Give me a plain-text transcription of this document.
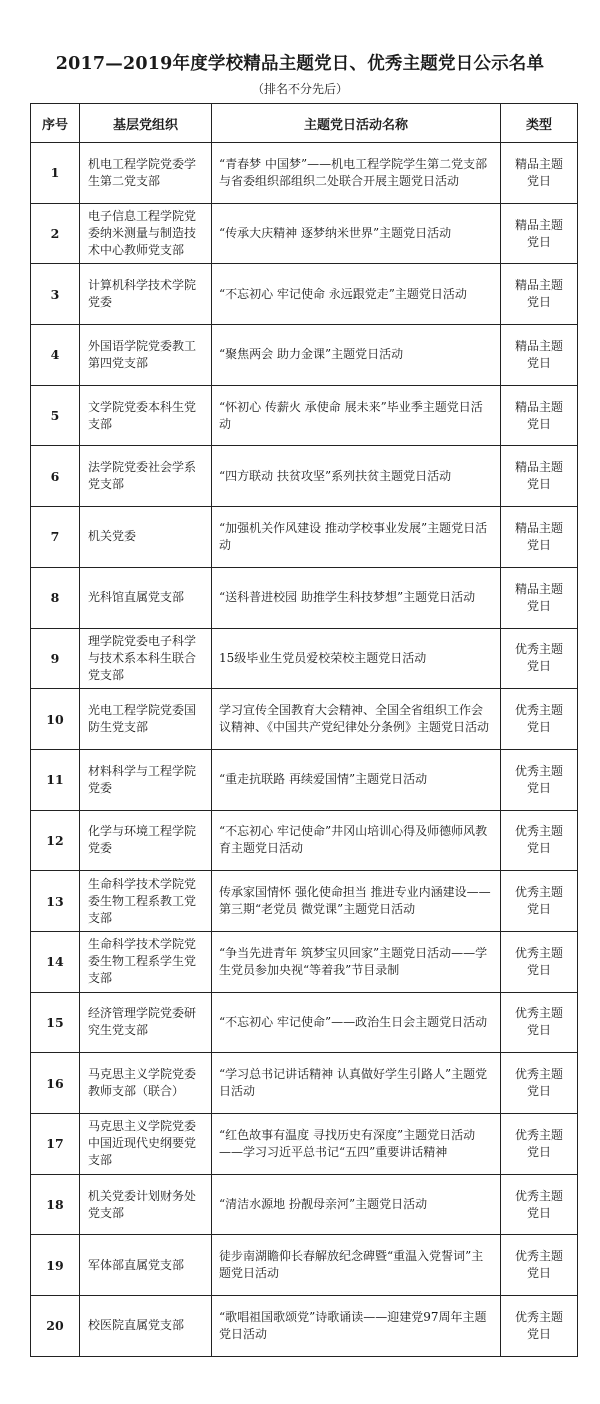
2017—2019年度学校精品主题党日、优秀主题党日公示名单
（排名不分先后）
序号	基层党组织	主题党日活动名称	类型
1	机电工程学院党委学生第二党支部	“青春梦 中国梦”——机电工程学院学生第二党支部与省委组织部组织二处联合开展主题党日活动	精品主题党日
2	电子信息工程学院党委纳米测量与制造技术中心教师党支部	“传承大庆精神 逐梦纳米世界”主题党日活动	精品主题党日
3	计算机科学技术学院党委	“不忘初心 牢记使命 永远跟党走”主题党日活动	精品主题党日
4	外国语学院党委教工第四党支部	“聚焦两会 助力金课”主题党日活动	精品主题党日
5	文学院党委本科生党支部	“怀初心 传薪火 承使命 展未来”毕业季主题党日活动	精品主题党日
6	法学院党委社会学系党支部	“四方联动 扶贫攻坚”系列扶贫主题党日活动	精品主题党日
7	机关党委	“加强机关作风建设 推动学校事业发展”主题党日活动	精品主题党日
8	光科馆直属党支部	“送科普进校园 助推学生科技梦想”主题党日活动	精品主题党日
9	理学院党委电子科学与技术系本科生联合党支部	15级毕业生党员爱校荣校主题党日活动	优秀主题党日
10	光电工程学院党委国防生党支部	学习宣传全国教育大会精神、全国全省组织工作会议精神、《中国共产党纪律处分条例》主题党日活动	优秀主题党日
11	材料科学与工程学院党委	“重走抗联路 再续爱国情”主题党日活动	优秀主题党日
12	化学与环境工程学院党委	“不忘初心 牢记使命”井冈山培训心得及师德师风教育主题党日活动	优秀主题党日
13	生命科学技术学院党委生物工程系教工党支部	传承家国情怀 强化使命担当 推进专业内涵建设——第三期“老党员 微党课”主题党日活动	优秀主题党日
14	生命科学技术学院党委生物工程系学生党支部	“争当先进青年 筑梦宝贝回家”主题党日活动——学生党员参加央视“等着我”节目录制	优秀主题党日
15	经济管理学院党委研究生党支部	“不忘初心 牢记使命”——政治生日会主题党日活动	优秀主题党日
16	马克思主义学院党委教师支部（联合）	“学习总书记讲话精神 认真做好学生引路人”主题党日活动	优秀主题党日
17	马克思主义学院党委中国近现代史纲要党支部	“红色故事有温度 寻找历史有深度”主题党日活动——学习习近平总书记“五四”重要讲话精神	优秀主题党日
18	机关党委计划财务处党支部	“清洁水源地 扮靓母亲河”主题党日活动	优秀主题党日
19	军体部直属党支部	徒步南湖瞻仰长春解放纪念碑暨“重温入党誓词”主题党日活动	优秀主题党日
20	校医院直属党支部	“歌唱祖国歌颂党”诗歌诵读——迎建党97周年主题党日活动	优秀主题党日
